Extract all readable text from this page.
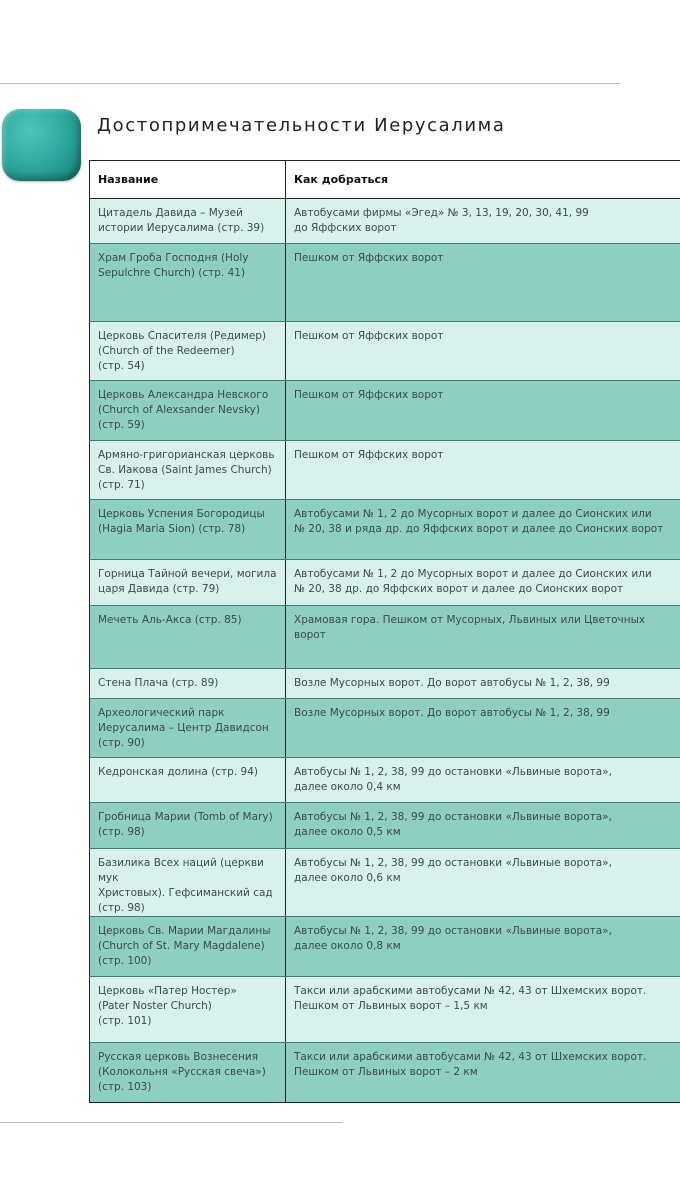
Достопримечательности Иерусалима
Название	Как добраться
Цитадель Давида – Музей
истории Иерусалима (стр. 39)	Автобусами фирмы «Эгед» № 3, 13, 19, 20, 30, 41, 99
до Яффских ворот
Храм Гроба Господня (Holy
Sepulchre Church) (стр. 41)	Пешком от Яффских ворот
Церковь Спасителя (Редимер)
(Church of the Redeemer)
(стр. 54)	Пешком от Яффских ворот
Церковь Александра Невского
(Church of Alexsander Nevsky)
(стр. 59)	Пешком от Яффских ворот
Армяно-григорианская церковь
Св. Иакова (Saint James Church)
(стр. 71)	Пешком от Яффских ворот
Церковь Успения Богородицы
(Hagia Maria Sion) (стр. 78)	Автобусами № 1, 2 до Мусорных ворот и далее до Сионских или
№ 20, 38 и ряда др. до Яффских ворот и далее до Сионских ворот
Горница Тайной вечери, могила
царя Давида (стр. 79)	Автобусами № 1, 2 до Мусорных ворот и далее до Сионских или
№ 20, 38 др. до Яффских ворот и далее до Сионских ворот
Мечеть Аль-Акса (стр. 85)	Храмовая гора. Пешком от Мусорных, Львиных или Цветочных ворот
Стена Плача (стр. 89)	Возле Мусорных ворот. До ворот автобусы № 1, 2, 38, 99
Археологический парк
Иерусалима – Центр Давидсон
(стр. 90)	Возле Мусорных ворот. До ворот автобусы № 1, 2, 38, 99
Кедронская долина (стр. 94)	Автобусы № 1, 2, 38, 99 до остановки «Львиные ворота»,
далее около 0,4 км
Гробница Марии (Tomb of Mary)
(стр. 98)	Автобусы № 1, 2, 38, 99 до остановки «Львиные ворота»,
далее около 0,5 км
Базилика Всех наций (церкви мук
Христовых). Гефсиманский сад
(стр. 98)	Автобусы № 1, 2, 38, 99 до остановки «Львиные ворота»,
далее около 0,6 км
Церковь Св. Марии Магдалины
(Church of St. Mary Magdalene)
(стр. 100)	Автобусы № 1, 2, 38, 99 до остановки «Львиные ворота»,
далее около 0,8 км
Церковь «Патер Ностер»
(Pater Noster Church)
(стр. 101)	Такси или арабскими автобусами № 42, 43 от Шхемских ворот.
Пешком от Львиных ворот – 1,5 км
Русская церковь Вознесения
(Колокольня «Русская свеча»)
(стр. 103)	Такси или арабскими автобусами № 42, 43 от Шхемских ворот.
Пешком от Львиных ворот – 2 км
